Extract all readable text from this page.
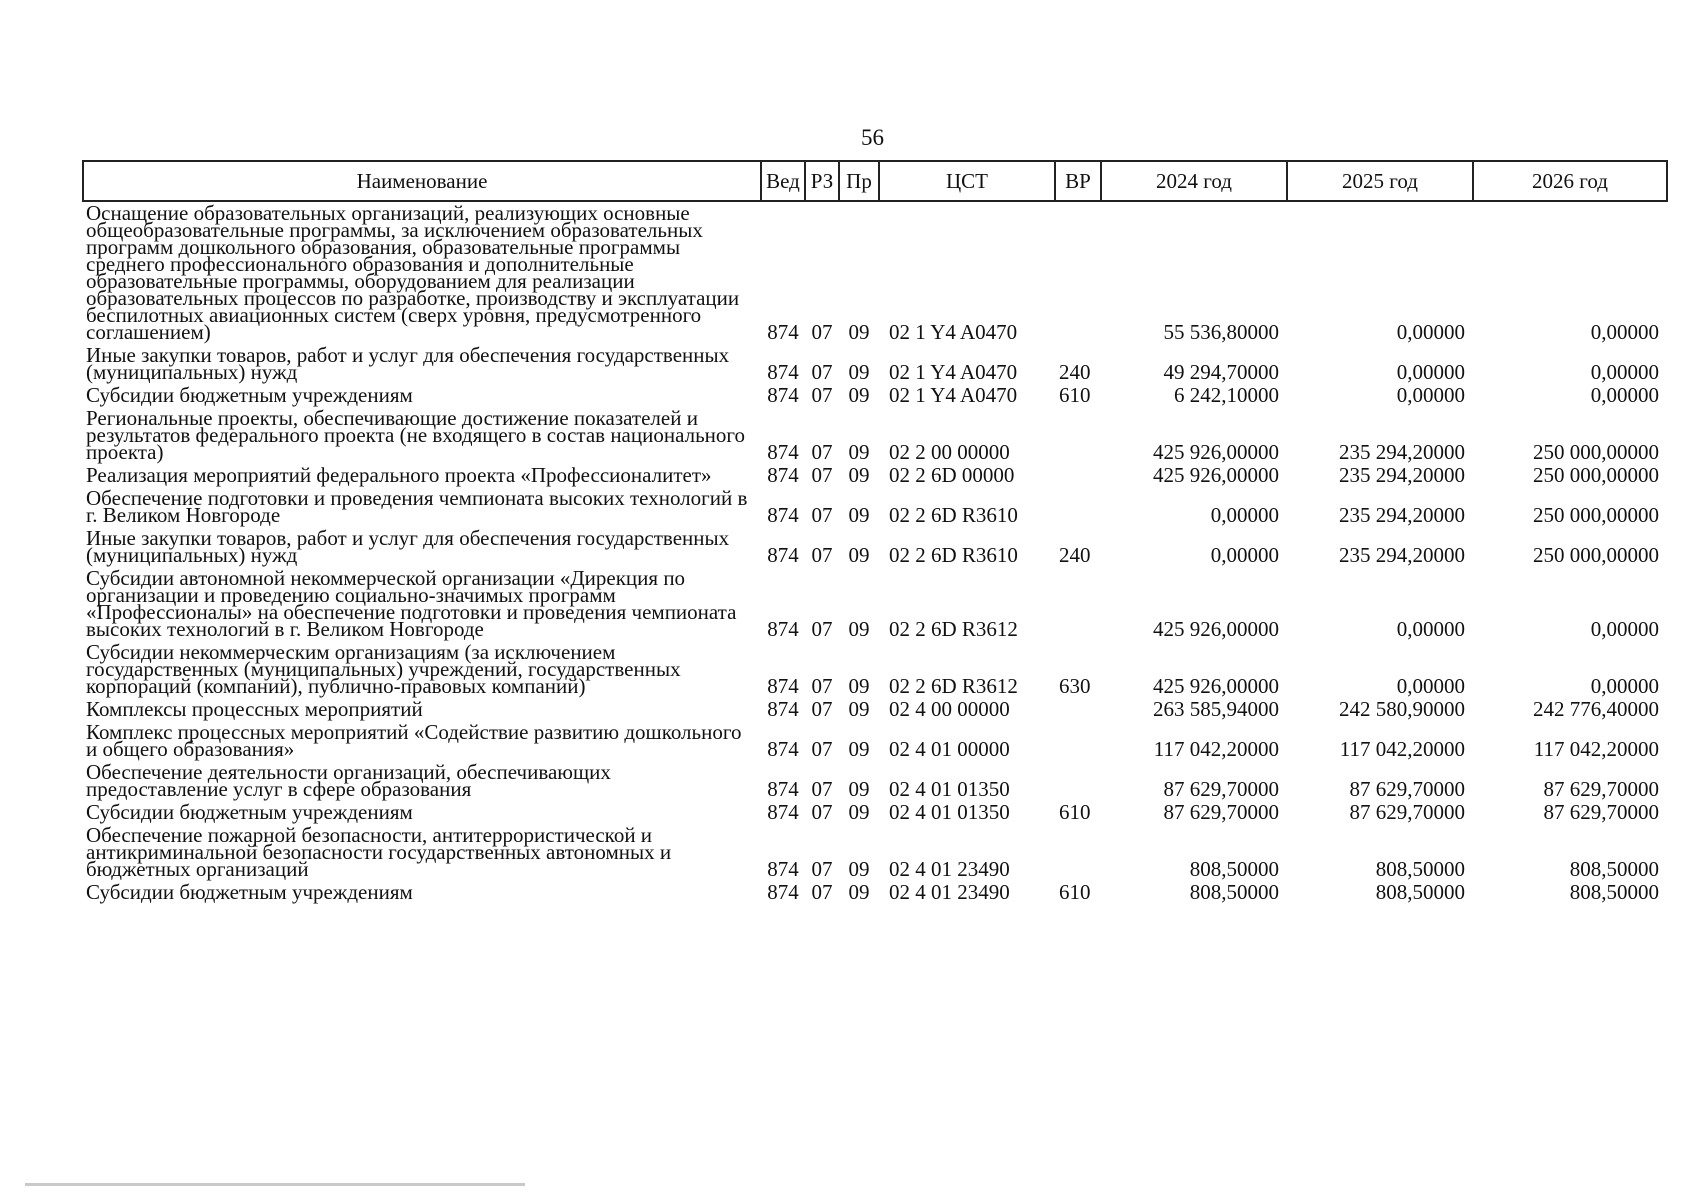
56
Наименование	Вед	РЗ	Пр	ЦСТ	ВР	2024 год	2025 год	2026 год
Оснащение образовательных организаций, реализующих основные общеобразовательные программы, за исключением образовательных программ дошкольного образования, образовательные программы среднего профессионального образования и дополнительные образовательные программы, оборудованием для реализации образовательных процессов по разработке, производству и эксплуатации беспилотных авиационных систем (сверх уровня, предусмотренного соглашением)	874	07	09	02 1 Y4 A0470		55 536,80000	0,00000	0,00000
Иные закупки товаров, работ и услуг для обеспечения государственных (муниципальных) нужд	874	07	09	02 1 Y4 A0470	240	49 294,70000	0,00000	0,00000
Субсидии бюджетным учреждениям	874	07	09	02 1 Y4 A0470	610	6 242,10000	0,00000	0,00000
Региональные проекты, обеспечивающие достижение показателей и результатов федерального проекта (не входящего в состав национального проекта)	874	07	09	02 2 00 00000		425 926,00000	235 294,20000	250 000,00000
Реализация мероприятий федерального проекта «Профессионалитет»	874	07	09	02 2 6D 00000		425 926,00000	235 294,20000	250 000,00000
Обеспечение подготовки и проведения чемпионата высоких технологий в г. Великом Новгороде	874	07	09	02 2 6D R3610		0,00000	235 294,20000	250 000,00000
Иные закупки товаров, работ и услуг для обеспечения государственных (муниципальных) нужд	874	07	09	02 2 6D R3610	240	0,00000	235 294,20000	250 000,00000
Субсидии автономной некоммерческой организации «Дирекция по организации и проведению социально-значимых программ «Профессионалы» на обеспечение подготовки и проведения чемпионата высоких технологий в г. Великом Новгороде	874	07	09	02 2 6D R3612		425 926,00000	0,00000	0,00000
Субсидии некоммерческим организациям (за исключением государственных (муниципальных) учреждений, государственных корпораций (компаний), публично-правовых компаний)	874	07	09	02 2 6D R3612	630	425 926,00000	0,00000	0,00000
Комплексы процессных мероприятий	874	07	09	02 4 00 00000		263 585,94000	242 580,90000	242 776,40000
Комплекс процессных мероприятий «Содействие развитию дошкольного и общего образования»	874	07	09	02 4 01 00000		117 042,20000	117 042,20000	117 042,20000
Обеспечение деятельности организаций, обеспечивающих предоставление услуг в сфере образования	874	07	09	02 4 01 01350		87 629,70000	87 629,70000	87 629,70000
Субсидии бюджетным учреждениям	874	07	09	02 4 01 01350	610	87 629,70000	87 629,70000	87 629,70000
Обеспечение пожарной безопасности, антитеррористической и антикриминальной безопасности государственных автономных и бюджетных организаций	874	07	09	02 4 01 23490		808,50000	808,50000	808,50000
Субсидии бюджетным учреждениям	874	07	09	02 4 01 23490	610	808,50000	808,50000	808,50000
